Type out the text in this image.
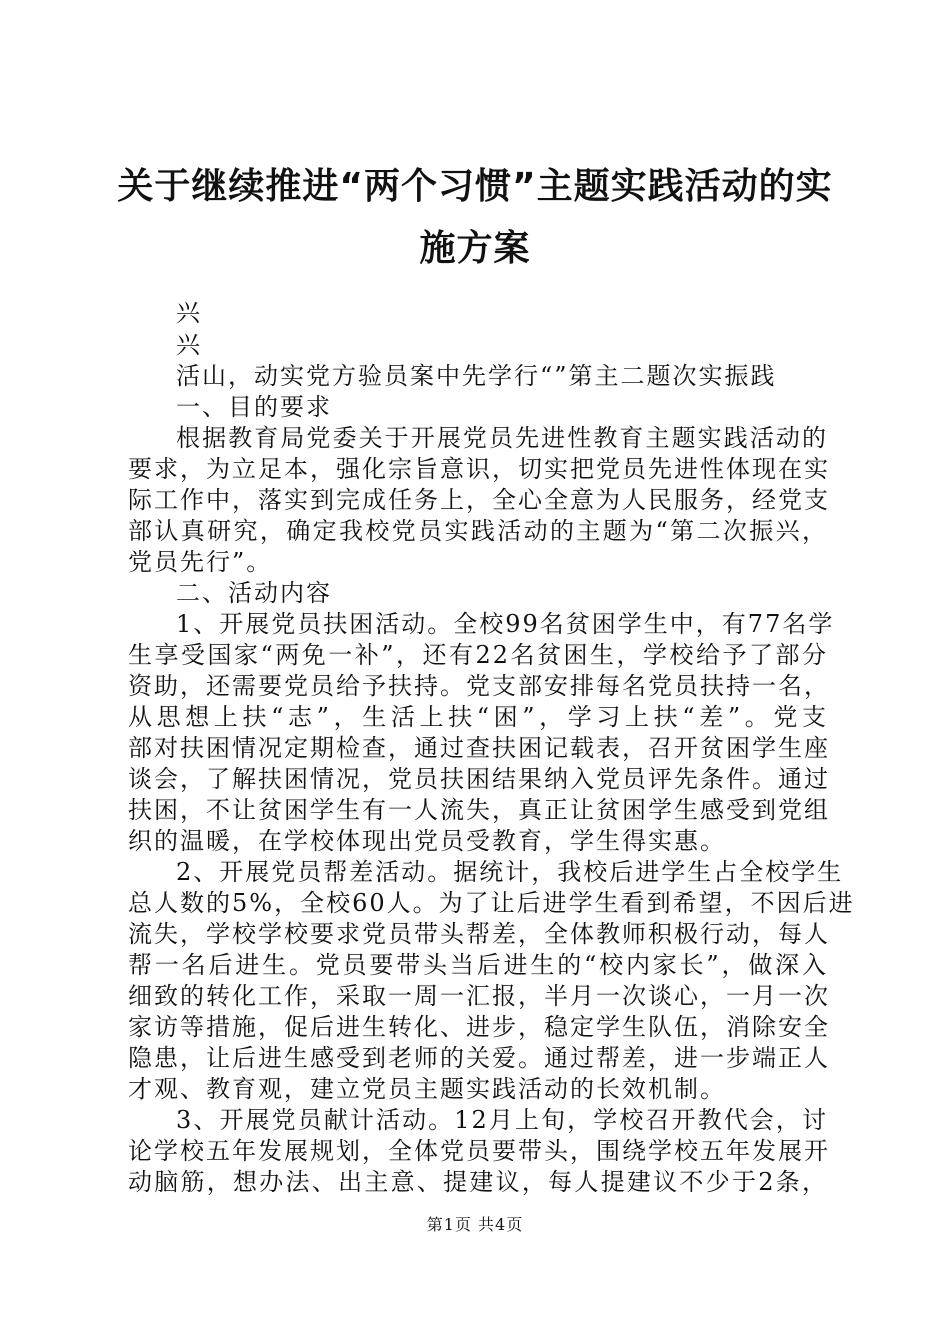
关于继续推进“两个习惯”主题实践活动的实
施方案

兴

兴

活山，动实党方验员案中先学行“”第主二题次实振践

一、目的要求

根据教育局党委关于开展党员先进性教育主题实践活动的

要求，为立足本，强化宗旨意识，切实把党员先进性体现在实

际工作中，落实到完成任务上，全心全意为人民服务，经党支

部认真研究，确定我校党员实践活动的主题为“第二次振兴，

党员先行”。

二、活动内容

1、开展党员扶困活动。全校99名贫困学生中，有77名学

生享受国家“两免一补”，还有22名贫困生，学校给予了部分

资助，还需要党员给予扶持。党支部安排每名党员扶持一名，

从思想上扶“志”，生活上扶“困”，学习上扶“差”。党支

部对扶困情况定期检查，通过查扶困记载表，召开贫困学生座

谈会，了解扶困情况，党员扶困结果纳入党员评先条件。通过

扶困，不让贫困学生有一人流失，真正让贫困学生感受到党组

织的温暖，在学校体现出党员受教育，学生得实惠。

2、开展党员帮差活动。据统计，我校后进学生占全校学生

总人数的5%，全校60人。为了让后进学生看到希望，不因后进

流失，学校学校要求党员带头帮差，全体教师积极行动，每人

帮一名后进生。党员要带头当后进生的“校内家长”，做深入

细致的转化工作，采取一周一汇报，半月一次谈心，一月一次

家访等措施，促后进生转化、进步，稳定学生队伍，消除安全

隐患，让后进生感受到老师的关爱。通过帮差，进一步端正人

才观、教育观，建立党员主题实践活动的长效机制。

3、开展党员献计活动。12月上旬，学校召开教代会，讨

论学校五年发展规划，全体党员要带头，围绕学校五年发展开

动脑筋，想办法、出主意、提建议，每人提建议不少于2条，

第1页 共4页
